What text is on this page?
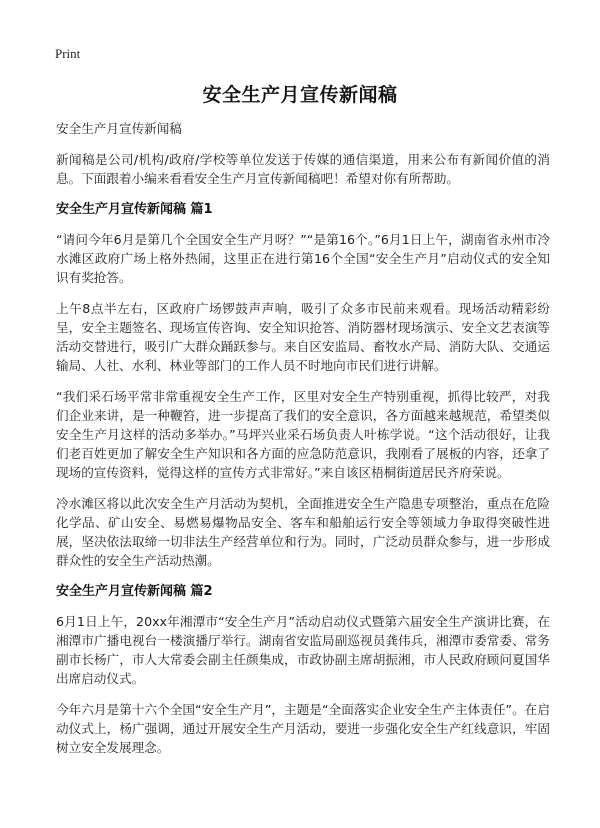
Print
安全生产月宣传新闻稿

安全生产月宣传新闻稿

新闻稿是公司/机构/政府/学校等单位发送于传媒的通信渠道，用来公布有新闻价值的消息。下面跟着小编来看看安全生产月宣传新闻稿吧！希望对你有所帮助。

安全生产月宣传新闻稿 篇1

“请问今年6月是第几个全国安全生产月呀？”“是第16个。”6月1日上午，湖南省永州市冷水滩区政府广场上格外热闹，这里正在进行第16个全国“安全生产月”启动仪式的安全知识有奖抢答。

上午8点半左右，区政府广场锣鼓声声响，吸引了众多市民前来观看。现场活动精彩纷呈，安全主题签名、现场宣传咨询、安全知识抢答、消防器材现场演示、安全文艺表演等活动交替进行，吸引广大群众踊跃参与。来自区安监局、畜牧水产局、消防大队、交通运输局、人社、水利、林业等部门的工作人员不时地向市民们进行讲解。

“我们采石场平常非常重视安全生产工作，区里对安全生产特别重视，抓得比较严，对我们企业来讲，是一种鞭笞，进一步提高了我们的安全意识，各方面越来越规范，希望类似安全生产月这样的活动多举办。”马坪兴业采石场负责人叶栋学说。“这个活动很好，让我们老百姓更加了解安全生产知识和各方面的应急防范意识，我刚看了展板的内容，还拿了现场的宣传资料，觉得这样的宣传方式非常好。”来自该区梧桐街道居民齐府荣说。

冷水滩区将以此次安全生产月活动为契机，全面推进安全生产隐患专项整治，重点在危险化学品、矿山安全、易燃易爆物品安全、客车和船舶运行安全等领域力争取得突破性进展，坚决依法取缔一切非法生产经营单位和行为。同时，广泛动员群众参与，进一步形成群众性的安全生产活动热潮。

安全生产月宣传新闻稿 篇2

6月1日上午，20xx年湘潭市“安全生产月”活动启动仪式暨第六届安全生产演讲比赛，在湘潭市广播电视台一楼演播厅举行。湖南省安监局副巡视员龚伟兵，湘潭市委常委、常务副市长杨广，市人大常委会副主任颜集成，市政协副主席胡振湘，市人民政府顾问夏国华出席启动仪式。

今年六月是第十六个全国“安全生产月”，主题是“全面落实企业安全生产主体责任”。在启动仪式上，杨广强调，通过开展安全生产月活动，要进一步强化安全生产红线意识，牢固树立安全发展理念。
